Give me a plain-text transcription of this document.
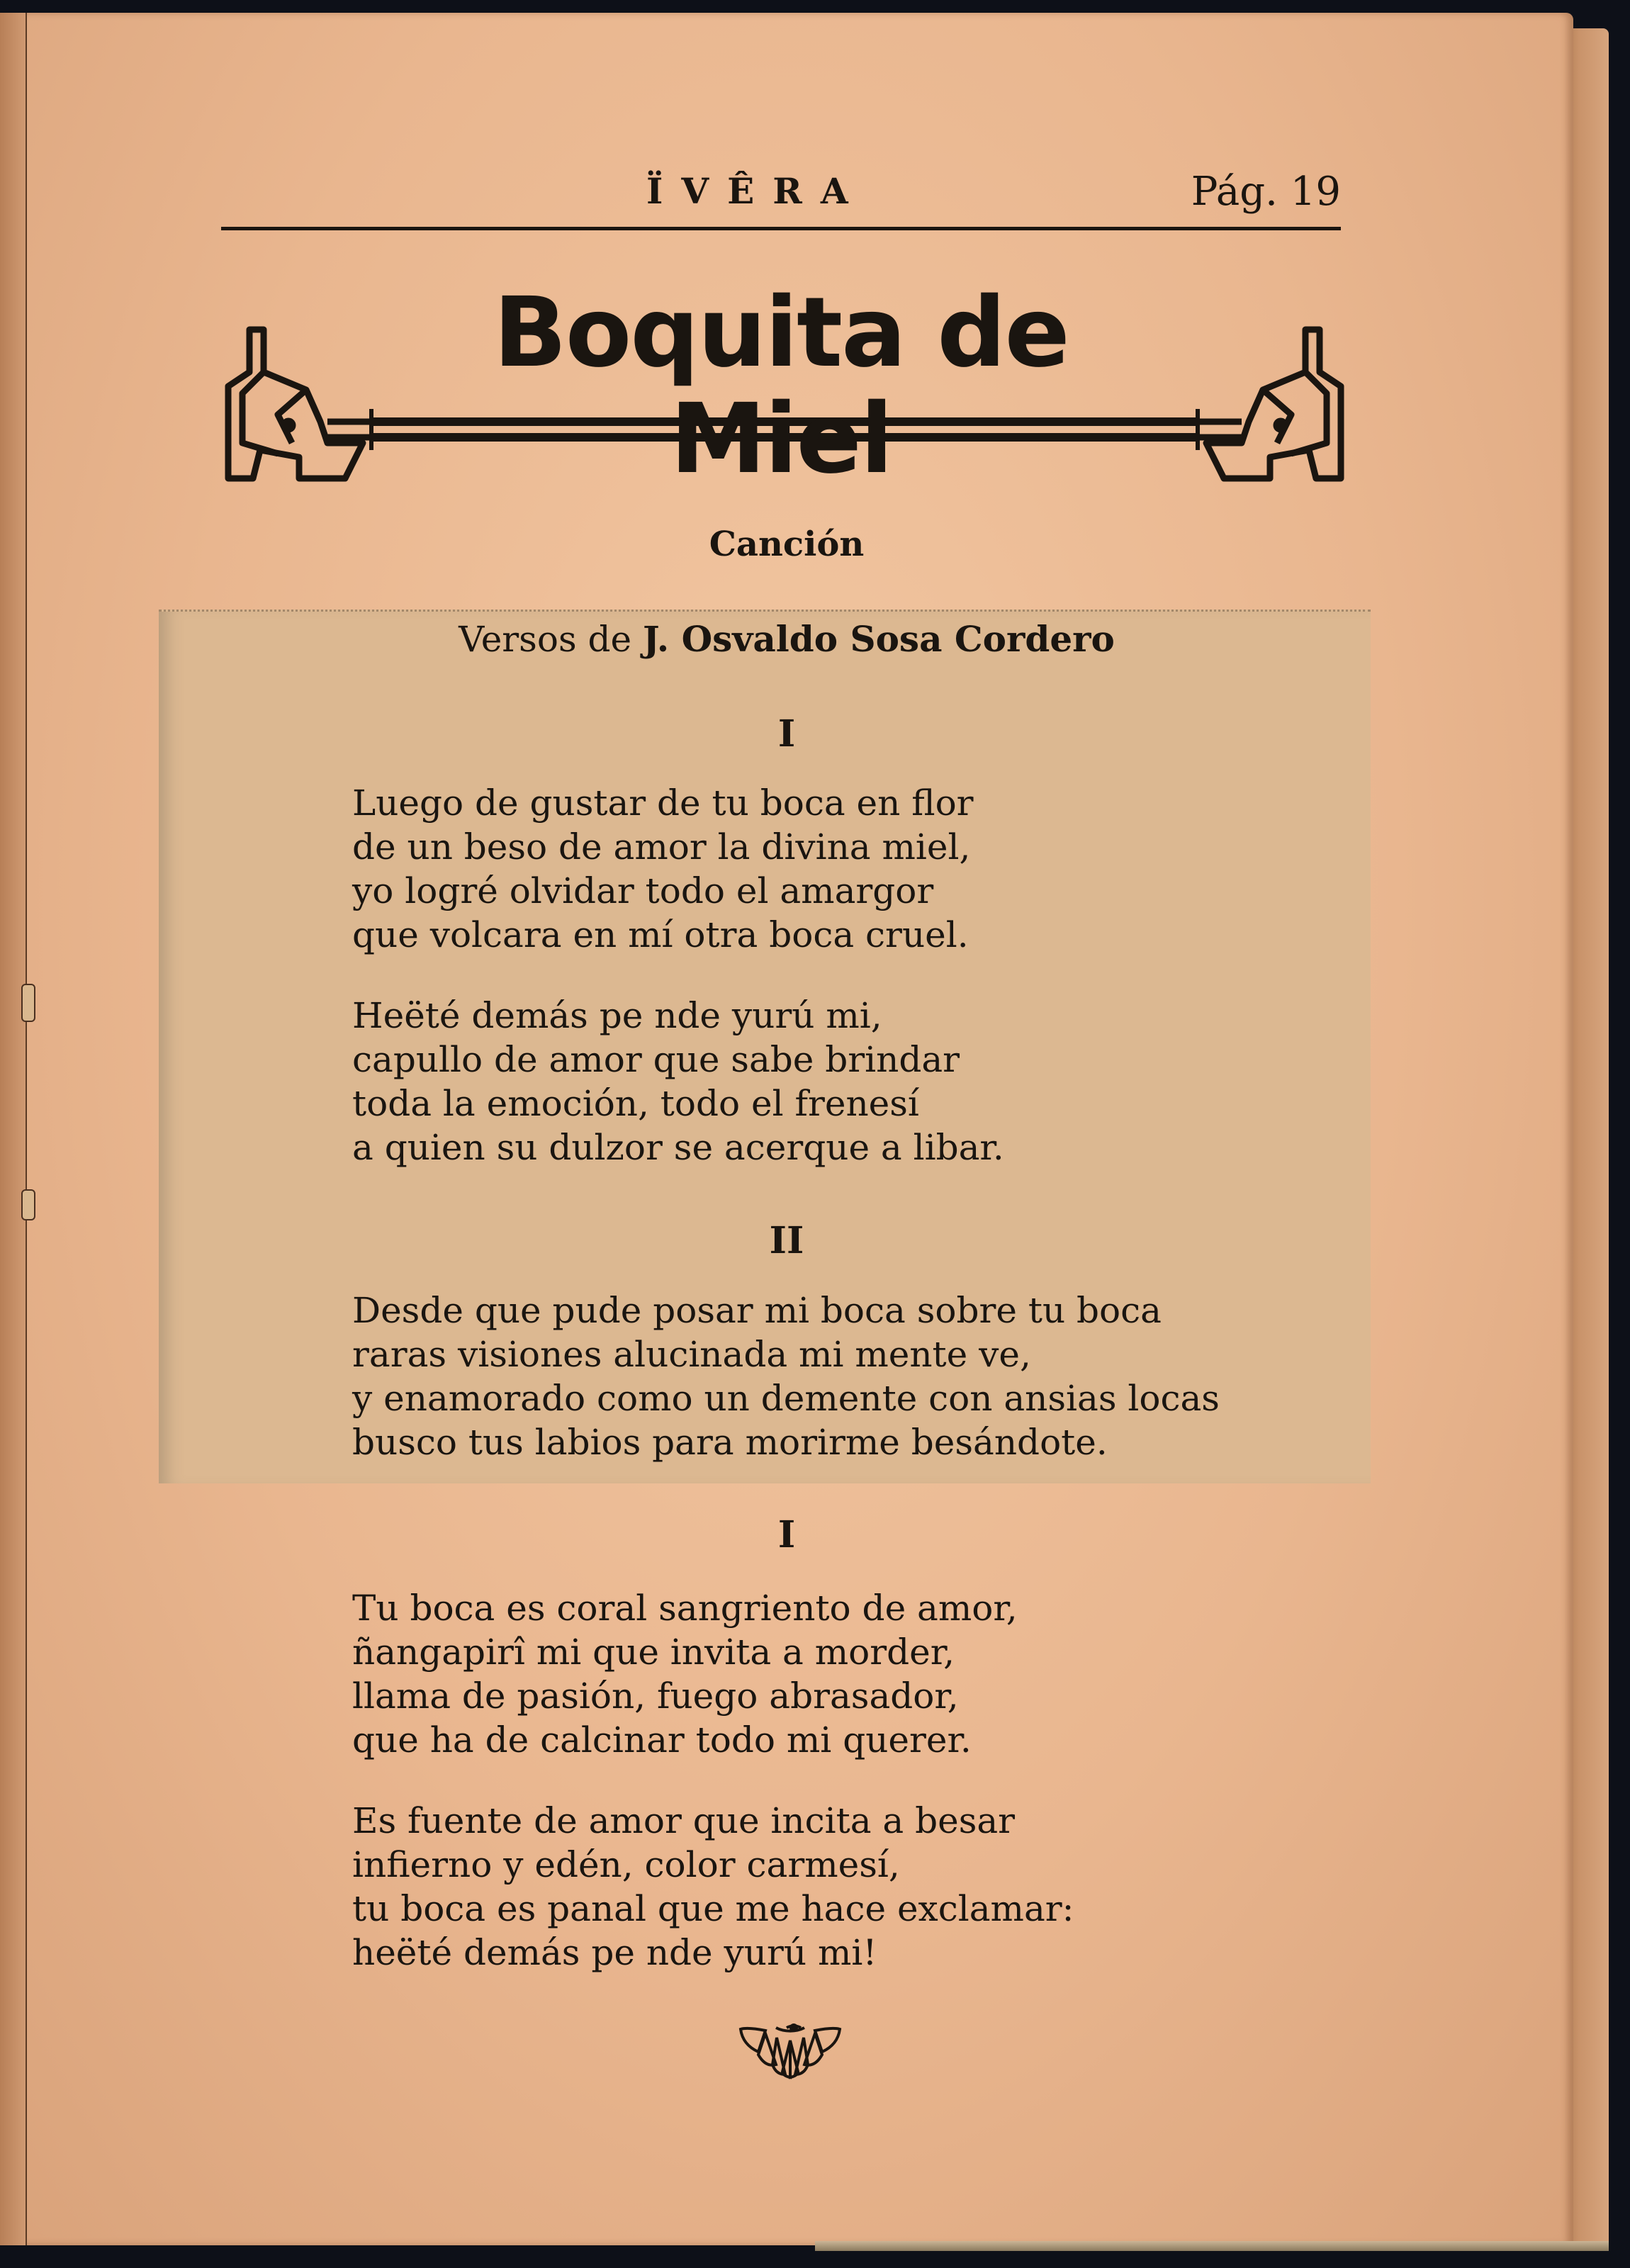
ÏVÊRA	Pág. 19
Boquita de Miel
Canción
Versos de J. Osvaldo Sosa Cordero
I
Luego de gustar de tu boca en flor
de un beso de amor la divina miel,
yo logré olvidar todo el amargor
que volcara en mí otra boca cruel.
Heëté demás pe nde yurú mi,
capullo de amor que sabe brindar
toda la emoción, todo el frenesí
a quien su dulzor se acerque a libar.
II
Desde que pude posar mi boca sobre tu boca
raras visiones alucinada mi mente ve,
y enamorado como un demente con ansias locas
busco tus labios para morirme besándote.
I
Tu boca es coral sangriento de amor,
ñangapirî mi que invita a morder,
llama de pasión, fuego abrasador,
que ha de calcinar todo mi querer.
Es fuente de amor que incita a besar
infierno y edén, color carmesí,
tu boca es panal que me hace exclamar:
heëté demás pe nde yurú mi!
